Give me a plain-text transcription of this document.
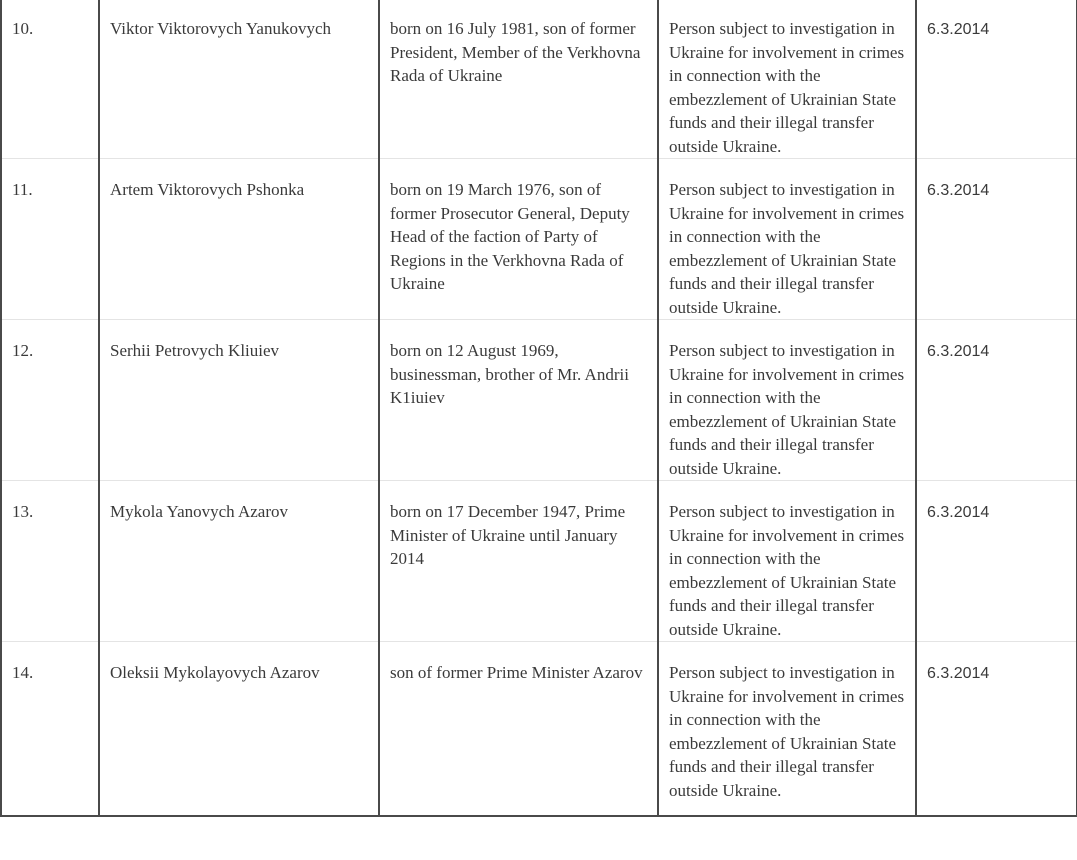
10.	Viktor Viktorovych Yanukovych	born on 16 July 1981, son of former President, Member of the Verkhovna Rada of Ukraine	Person subject to investigation in Ukraine for involvement in crimes in connection with the embezzlement of Ukrainian State funds and their illegal transfer outside Ukraine.	6.3.2014
11.	Artem Viktorovych Pshonka	born on 19 March 1976, son of former Prosecutor General, Deputy Head of the faction of Party of Regions in the Verkhovna Rada of Ukraine	Person subject to investigation in Ukraine for involvement in crimes in connection with the embezzlement of Ukrainian State funds and their illegal transfer outside Ukraine.	6.3.2014
12.	Serhii Petrovych Kliuiev	born on 12 August 1969, businessman, brother of Mr. Andrii K1iuiev	Person subject to investigation in Ukraine for involvement in crimes in connection with the embezzlement of Ukrainian State funds and their illegal transfer outside Ukraine.	6.3.2014
13.	Mykola Yanovych Azarov	born on 17 December 1947, Prime Minister of Ukraine until January 2014	Person subject to investigation in Ukraine for involvement in crimes in connection with the embezzlement of Ukrainian State funds and their illegal transfer outside Ukraine.	6.3.2014
14.	Oleksii Mykolayovych Azarov	son of former Prime Minister Azarov	Person subject to investigation in Ukraine for involvement in crimes in connection with the embezzlement of Ukrainian State funds and their illegal transfer outside Ukraine.	6.3.2014
